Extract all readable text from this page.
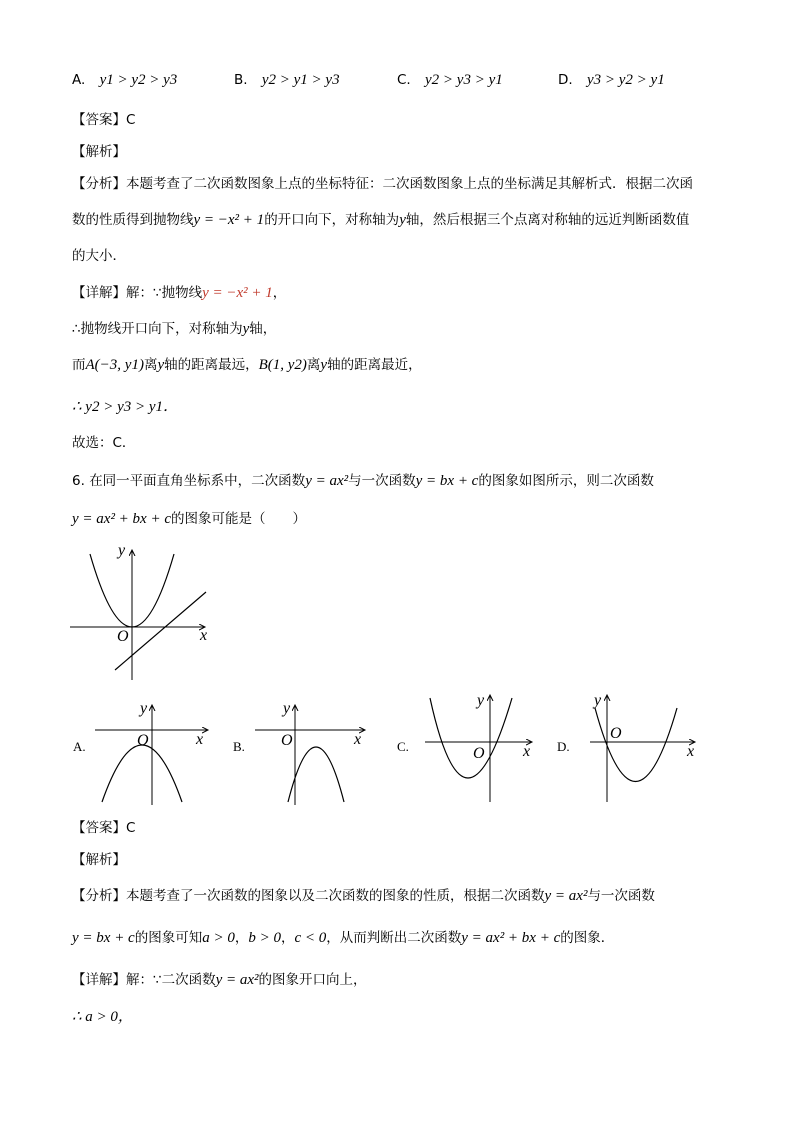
A. y1 > y2 > y3	B. y2 > y1 > y3	C. y2 > y3 > y1	D. y3 > y2 > y1
【答案】C
【解析】
【分析】本题考查了二次函数图象上点的坐标特征：二次函数图象上点的坐标满足其解析式．根据二次函
数的性质得到抛物线y = −x² + 1的开口向下，对称轴为y轴，然后根据三个点离对称轴的远近判断函数值
的大小．
【详解】解：∵抛物线y = −x² + 1，
∴抛物线开口向下，对称轴为y轴，
而A(−3, y1)离y轴的距离最远，B(1, y2)离y轴的距离最近，
∴ y2 > y3 > y1．
故选：C．
6. 在同一平面直角坐标系中，二次函数y = ax²与一次函数y = bx + c的图象如图所示，则二次函数
y = ax² + bx + c的图象可能是（　　）
y
x
O
A.
y
x
O	B.
y
x
O	C.
y
x
O	D.
y
x
O
【答案】C
【解析】
【分析】本题考查了一次函数的图象以及二次函数的图象的性质，根据二次函数y = ax²与一次函数
y = bx + c的图象可知a > 0，b > 0，c < 0，从而判断出二次函数y = ax² + bx + c的图象．
【详解】解：∵二次函数y = ax²的图象开口向上，
∴ a > 0，
